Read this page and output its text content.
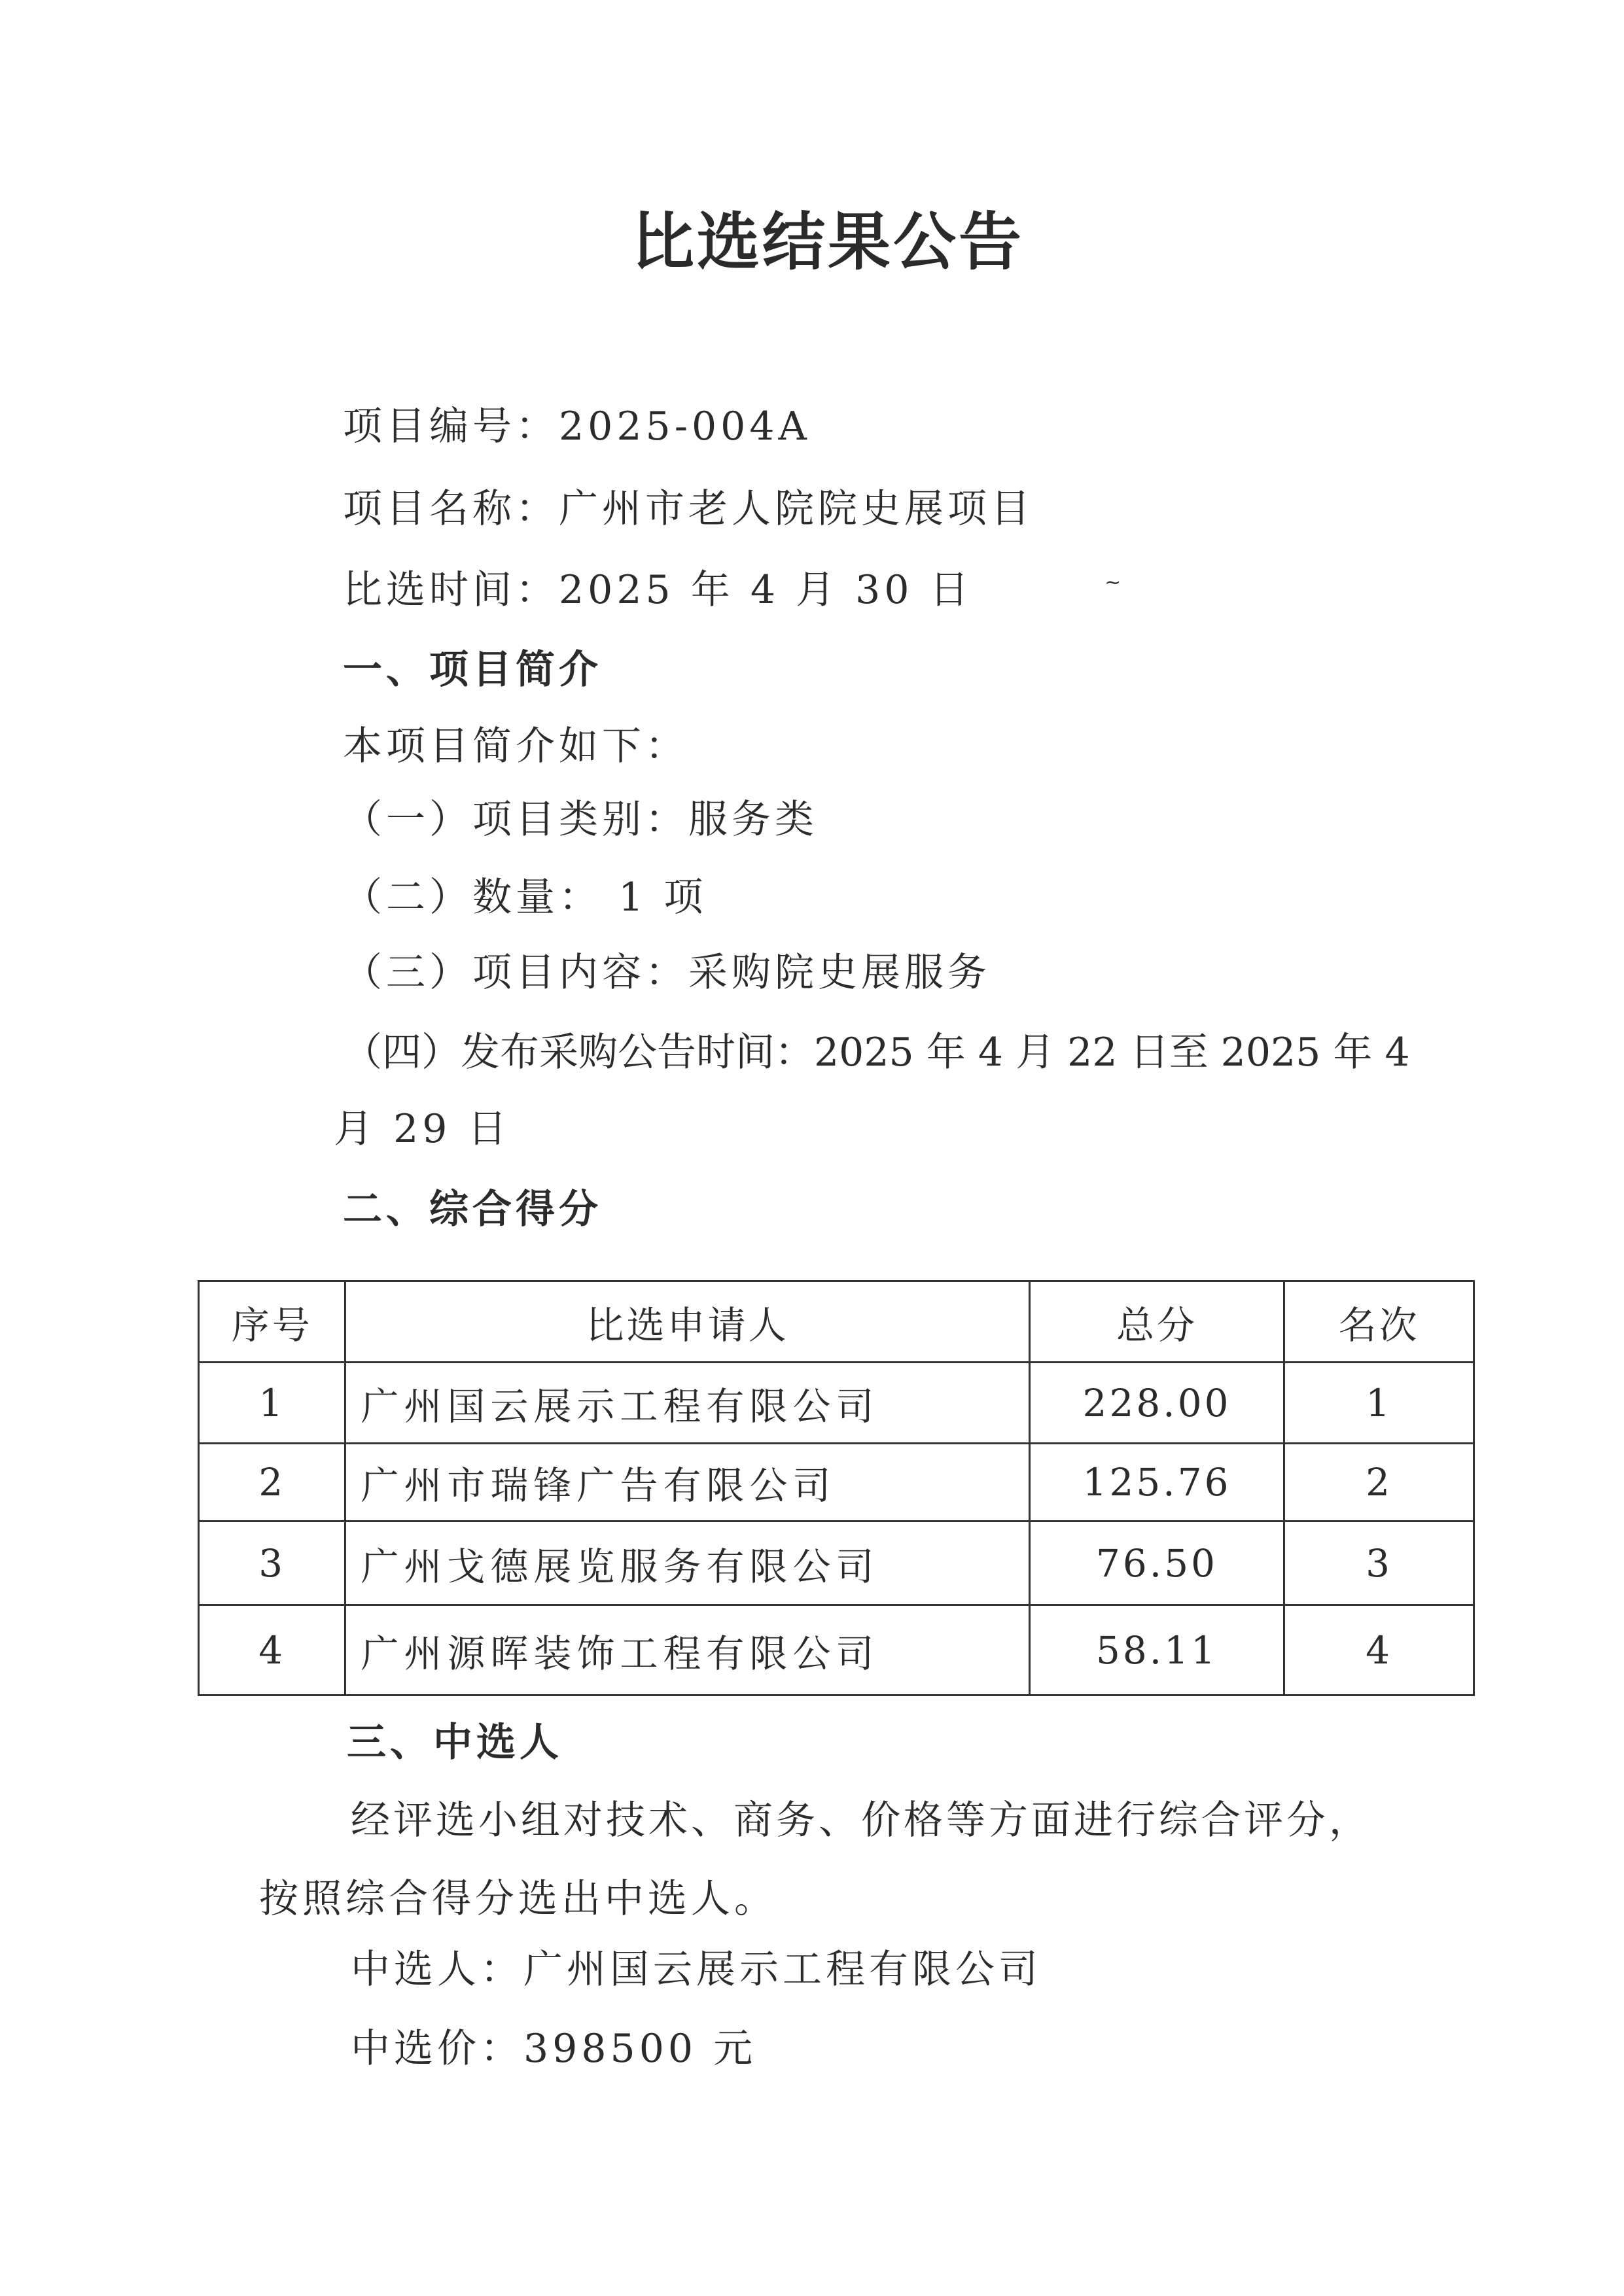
比选结果公告
项目编号：2025-004A
项目名称：广州市老人院院史展项目
比选时间：2025 年 4 月 30 日	~
一、项目简介
本项目简介如下：
（一）项目类别：服务类
（二）数量： 1 项
（三）项目内容：采购院史展服务
（四）发布采购公告时间：2025 年 4 月 22 日至 2025 年 4
月 29 日
二、综合得分
序号	比选申请人	总分	名次
1	广州国云展示工程有限公司	228.00	1
2	广州市瑞锋广告有限公司	125.76	2
3	广州戈德展览服务有限公司	76.50	3
4	广州源晖装饰工程有限公司	58.11	4
三、中选人
经评选小组对技术、商务、价格等方面进行综合评分，
按照综合得分选出中选人。
中选人：广州国云展示工程有限公司
中选价：398500 元
